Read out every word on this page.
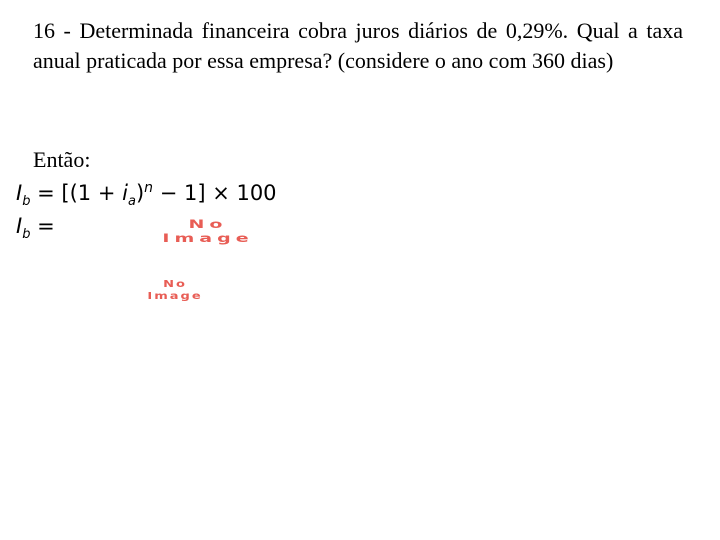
16 - Determinada financeira cobra juros diários de 0,29%. Qual a taxa anual praticada por essa empresa? (considere o ano com 360 dias)

Então:

$I_b = [(1 + i_a)^n - 1] \times 100$
$I_b$ =	No
Image
No
Image
